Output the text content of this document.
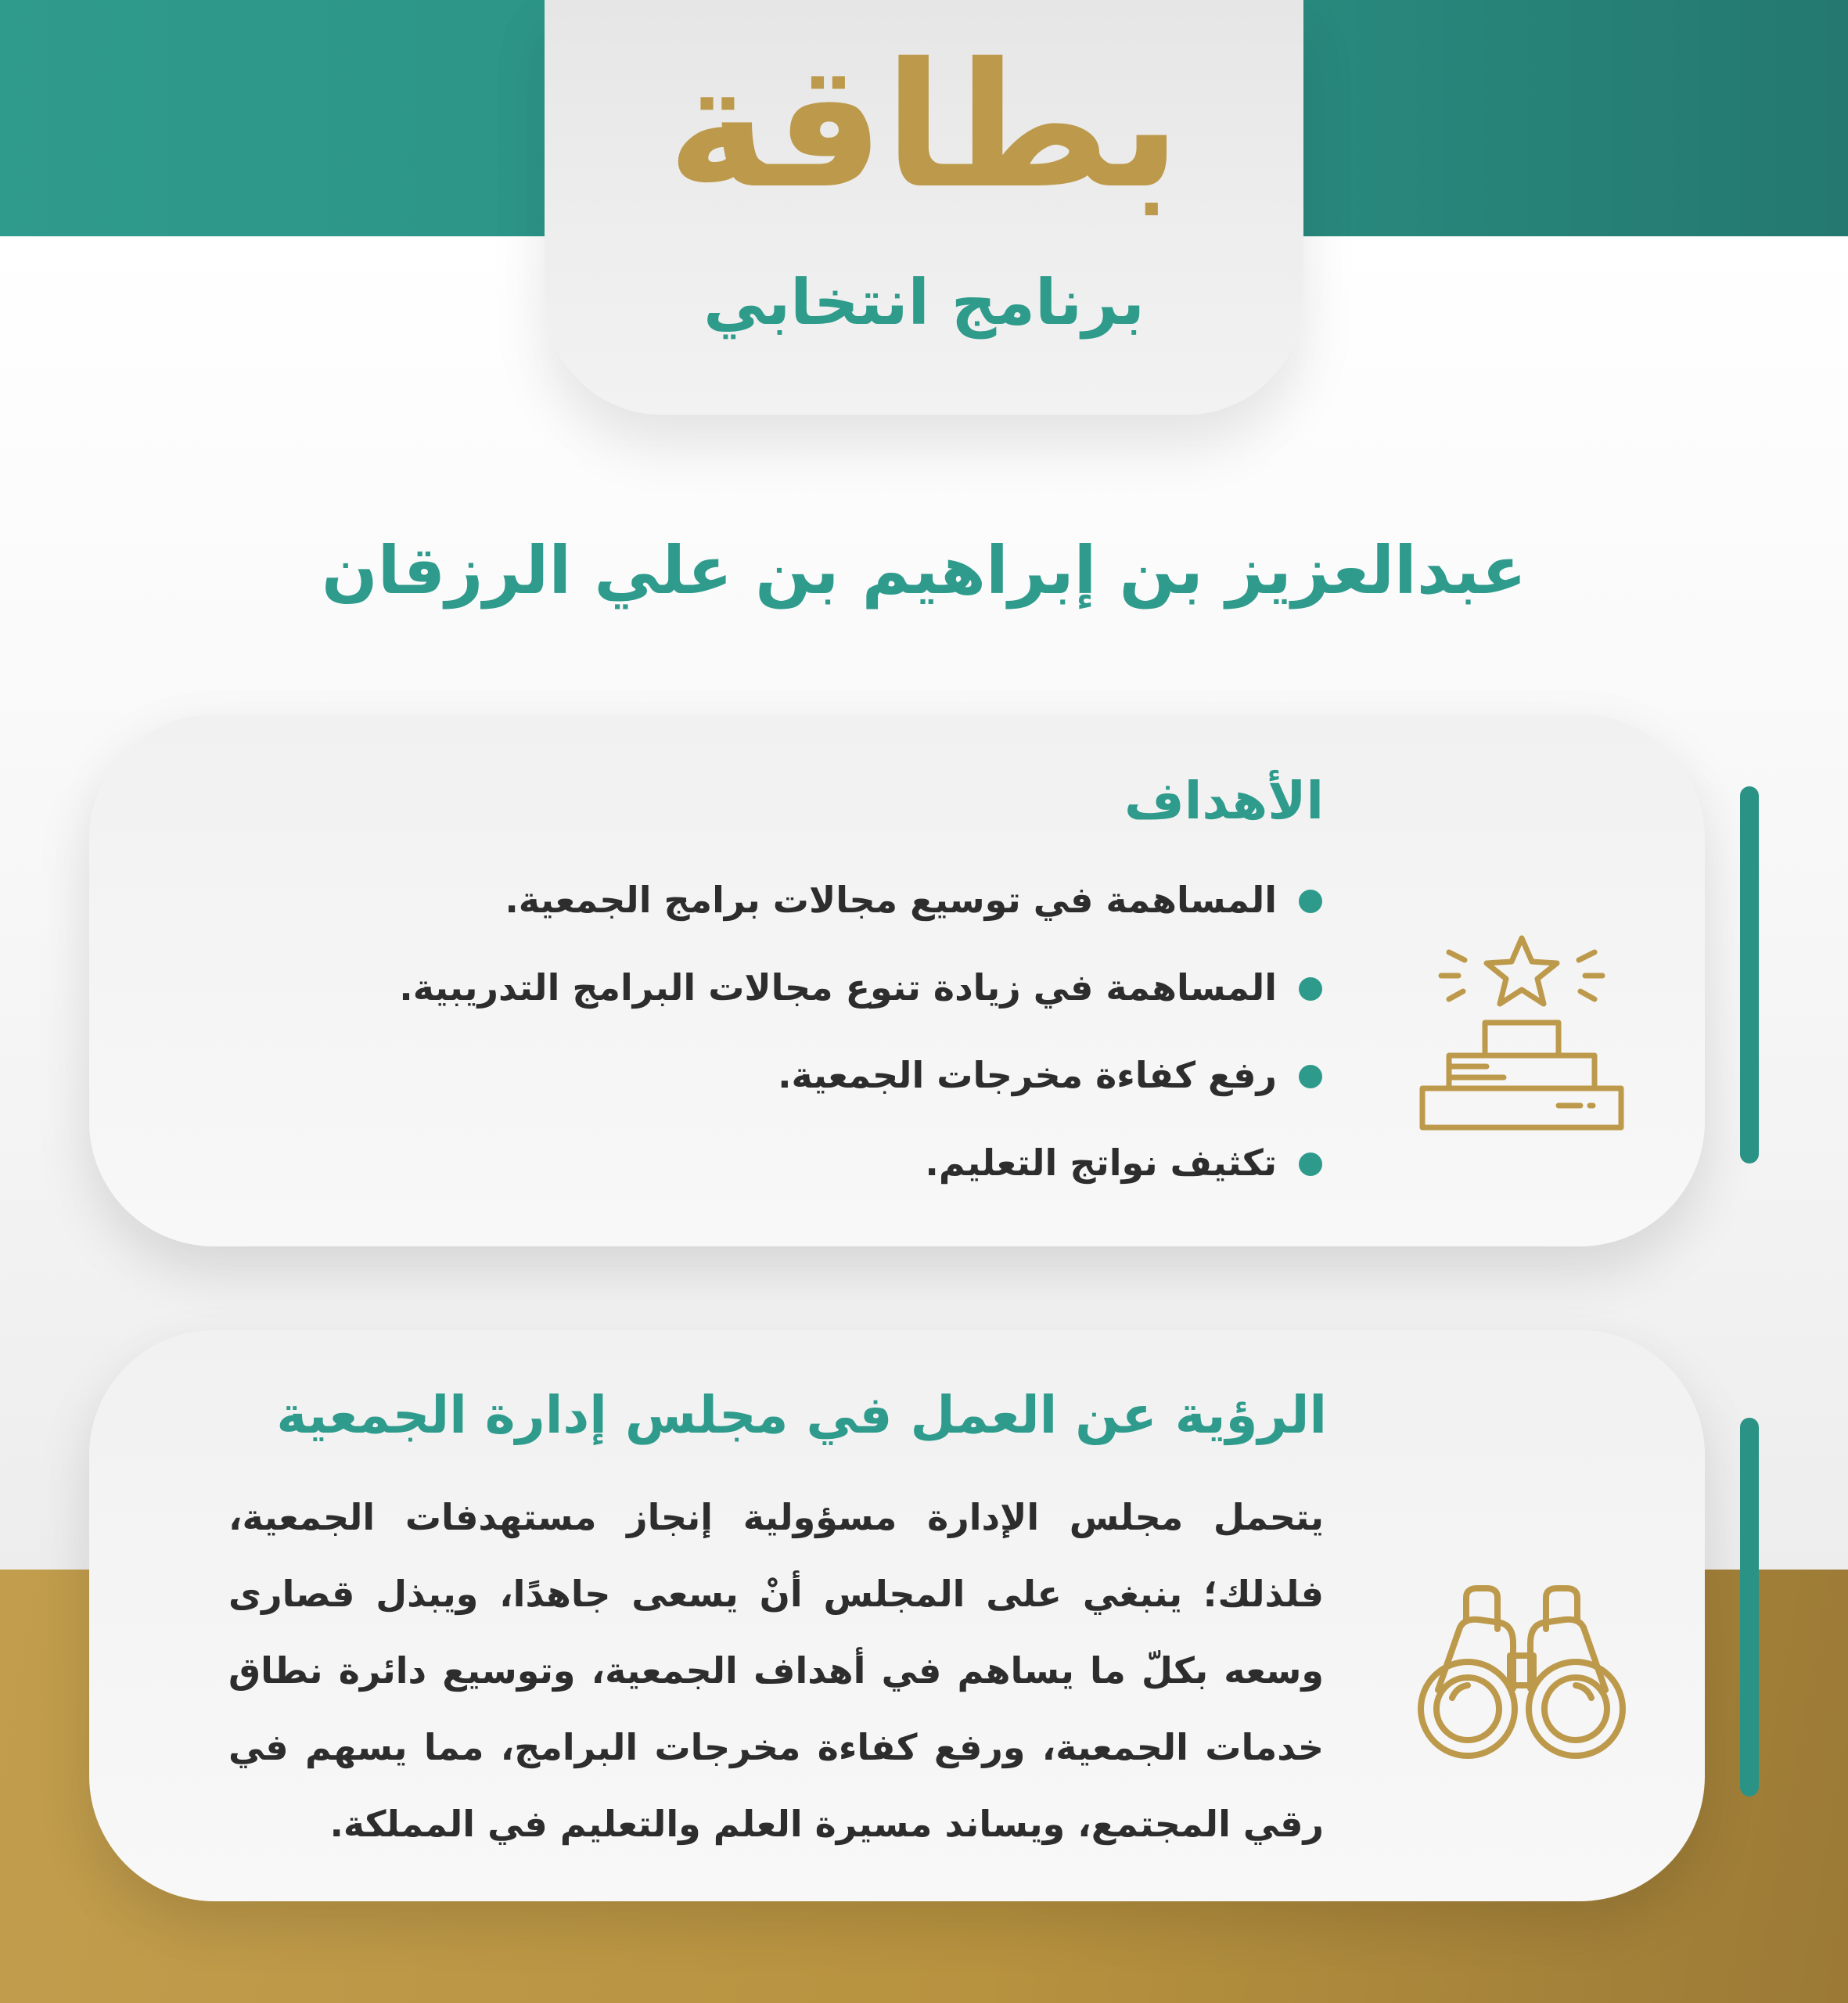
بطاقة
برنامج انتخابي
عبدالعزيز بن إبراهيم بن علي الرزقان
الأهداف
المساهمة في توسيع مجالات برامج الجمعية.
المساهمة في زيادة تنوع مجالات البرامج التدريبية.
رفع كفاءة مخرجات الجمعية.
تكثيف نواتج التعليم.
الرؤية عن العمل في مجلس إدارة الجمعية
يتحمل مجلس الإدارة مسؤولية إنجاز مستهدفات الجمعية، فلذلك؛ ينبغي على المجلس أنْ يسعى جاهدًا، ويبذل قصارى وسعه بكلّ ما يساهم في أهداف الجمعية، وتوسيع دائرة نطاق خدمات الجمعية، ورفع كفاءة مخرجات البرامج، مما يسهم في رقي المجتمع، ويساند مسيرة العلم والتعليم في المملكة.
